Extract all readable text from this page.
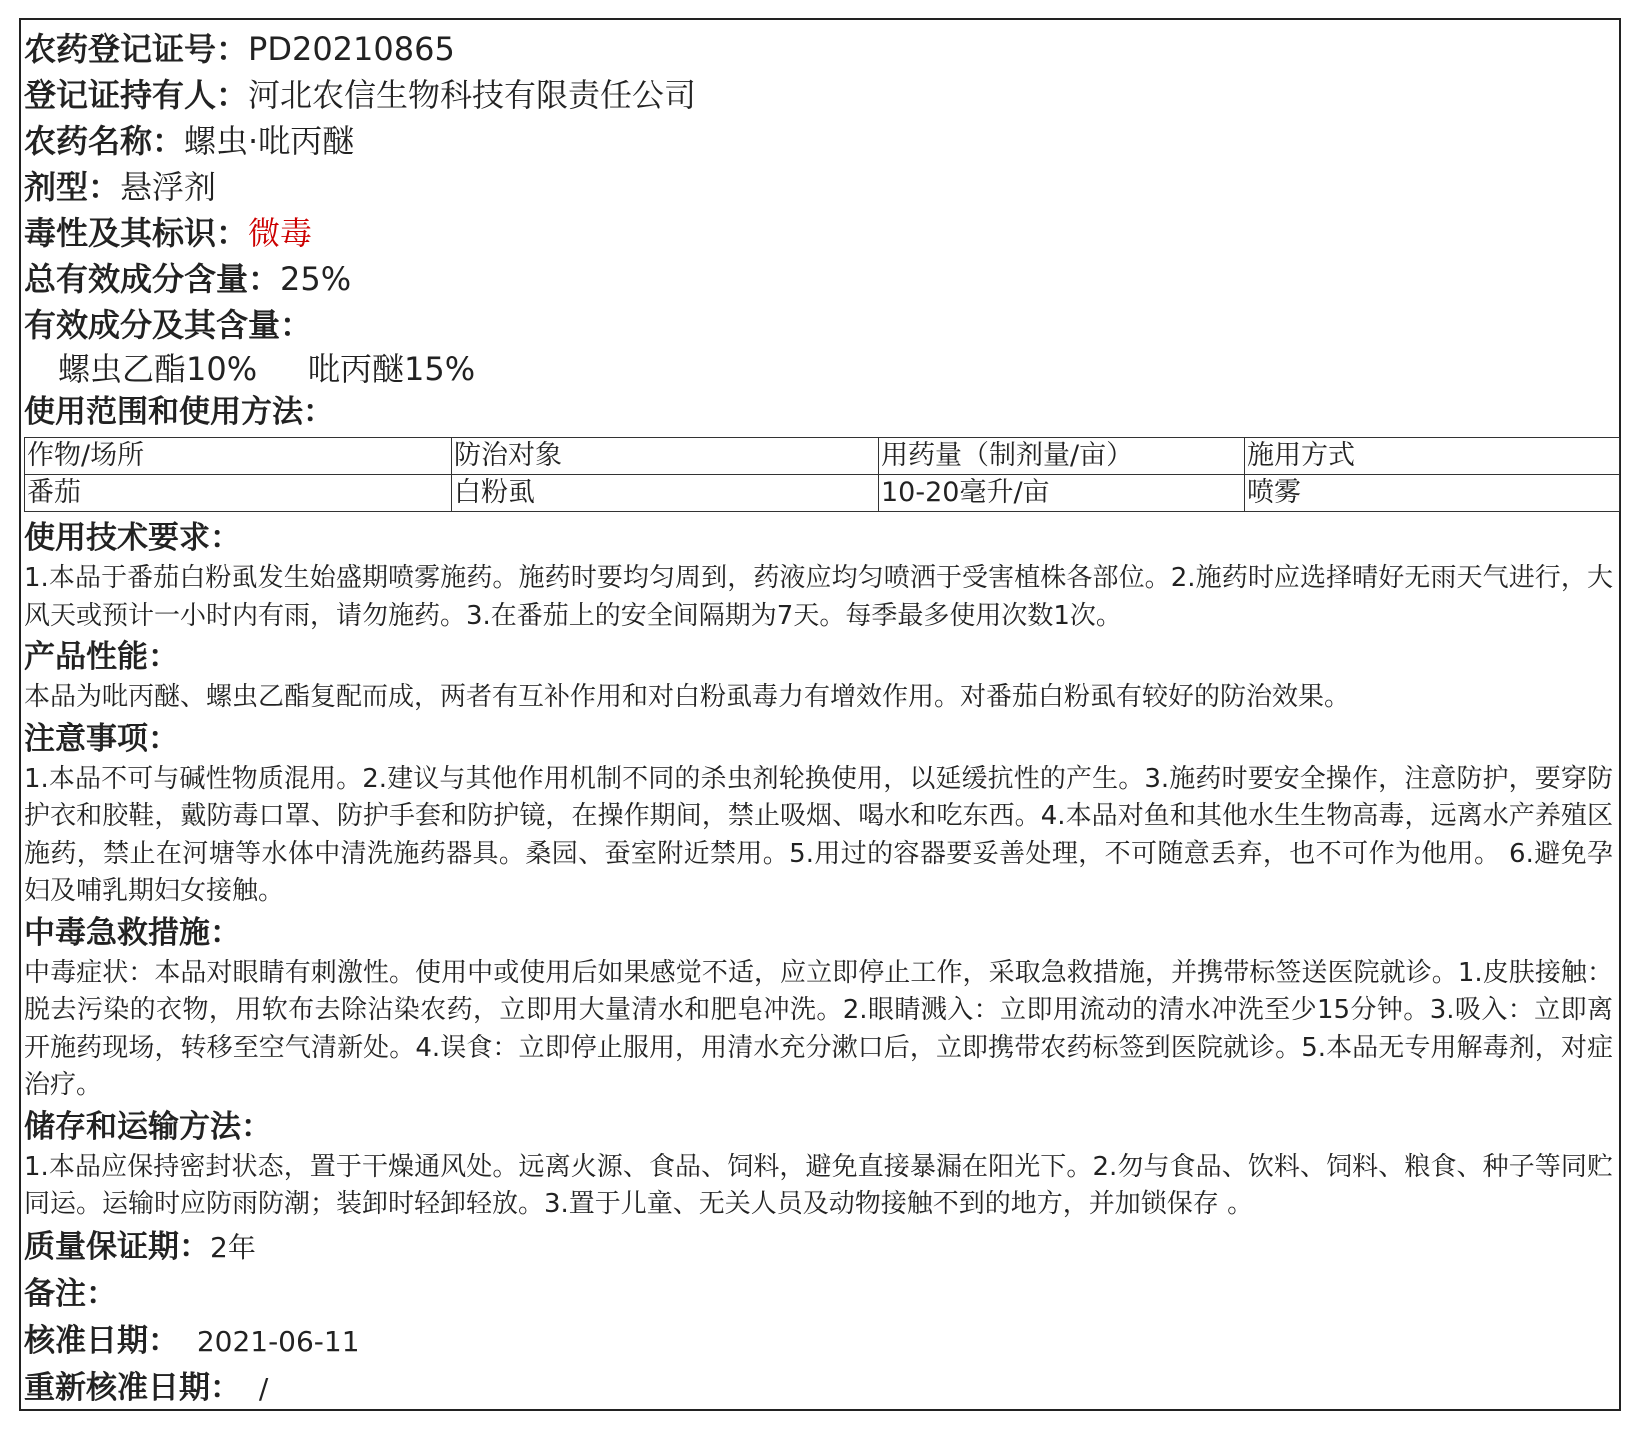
农药登记证号：PD20210865
登记证持有人：河北农信生物科技有限责任公司
农药名称：螺虫·吡丙醚
剂型：悬浮剂
毒性及其标识：微毒
总有效成分含量：25%
有效成分及其含量：
螺虫乙酯10% 吡丙醚15%
使用范围和使用方法：
作物/场所	防治对象	用药量（制剂量/亩）	施用方式
番茄	白粉虱	10-20毫升/亩	喷雾
使用技术要求：
1.本品于番茄白粉虱发生始盛期喷雾施药。施药时要均匀周到，药液应均匀喷洒于受害植株各部位。2.施药时应选择晴好无雨天气进行，大风天或预计一小时内有雨，请勿施药。3.在番茄上的安全间隔期为7天。每季最多使用次数1次。
产品性能：
本品为吡丙醚、螺虫乙酯复配而成，两者有互补作用和对白粉虱毒力有增效作用。对番茄白粉虱有较好的防治效果。
注意事项：
1.本品不可与碱性物质混用。2.建议与其他作用机制不同的杀虫剂轮换使用，以延缓抗性的产生。3.施药时要安全操作，注意防护，要穿防护衣和胶鞋，戴防毒口罩、防护手套和防护镜，在操作期间，禁止吸烟、喝水和吃东西。4.本品对鱼和其他水生生物高毒，远离水产养殖区施药，禁止在河塘等水体中清洗施药器具。桑园、蚕室附近禁用。5.用过的容器要妥善处理，不可随意丢弃，也不可作为他用。 6.避免孕妇及哺乳期妇女接触。
中毒急救措施：
中毒症状：本品对眼睛有刺激性。使用中或使用后如果感觉不适，应立即停止工作，采取急救措施，并携带标签送医院就诊。1.皮肤接触：脱去污染的衣物，用软布去除沾染农药，立即用大量清水和肥皂冲洗。2.眼睛溅入：立即用流动的清水冲洗至少15分钟。3.吸入：立即离开施药现场，转移至空气清新处。4.误食：立即停止服用，用清水充分漱口后，立即携带农药标签到医院就诊。5.本品无专用解毒剂，对症治疗。
储存和运输方法：
1.本品应保持密封状态，置于干燥通风处。远离火源、食品、饲料，避免直接暴漏在阳光下。2.勿与食品、饮料、饲料、粮食、种子等同贮同运。运输时应防雨防潮；装卸时轻卸轻放。3.置于儿童、无关人员及动物接触不到的地方，并加锁保存 。
质量保证期：2年
备注：
核准日期： 2021-06-11
重新核准日期： /
